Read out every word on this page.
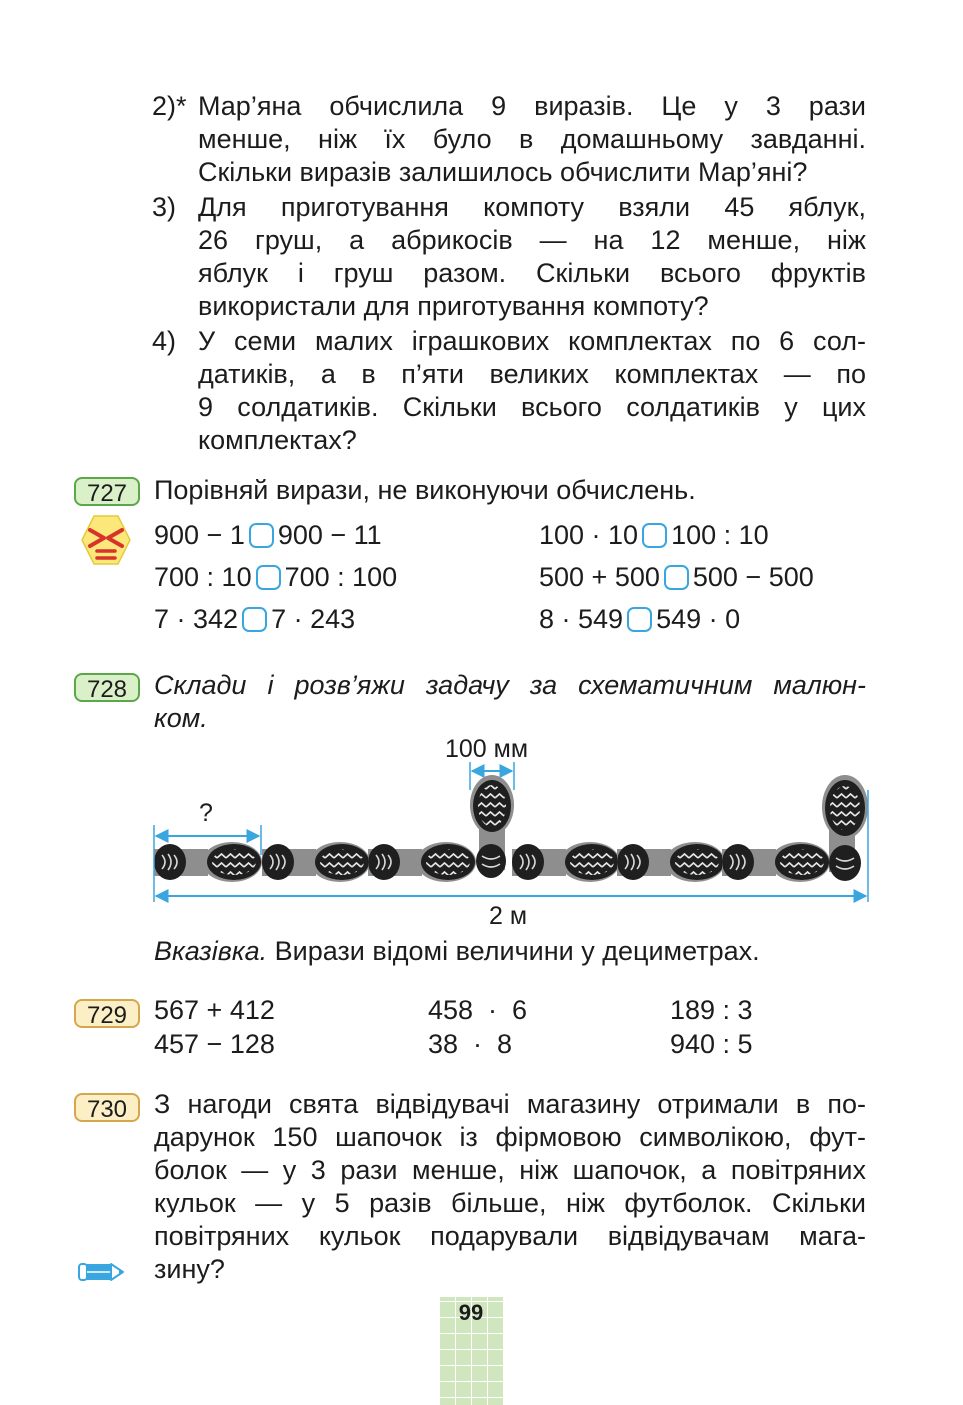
2)* Мар’яна обчислила 9 виразів. Це у 3 рази
менше, ніж їх було в домашньому завданні.
Скільки виразів залишилось обчислити Мар’яні?
3) Для приготування компоту взяли 45 яблук,
26 груш, а абрикосів — на 12 менше, ніж
яблук і груш разом. Скільки всього фруктів
використали для приготування компоту?
4) У семи малих іграшкових комплектах по 6 сол-
датиків, а в п’яти великих комплектах — по
9 солдатиків. Скільки всього солдатиків у цих
комплектах?
727 Порівняй вирази, не виконуючи обчислень.
900 − 1 900 − 11	100 · 10 100 : 10
700 : 10 700 : 100	500 + 500 500 − 500
7 · 342 7 · 243	8 · 549 549 · 0
728 Склади і розв’яжи задачу за схематичним малюн-
ком.
100 мм
?
2 м
Вказівка. Вирази відомі величини у дециметрах.
729 567 + 412	458  ·  6	189 : 3
457 − 128	38  ·  8	940 : 5
730 З нагоди свята відвідувачі магазину отримали в по-
дарунок 150 шапочок із фірмовою символікою, фут-
болок — у 3 рази менше, ніж шапочок, а повітряних
кульок — у 5 разів більше, ніж футболок. Скільки
повітряних кульок подарували відвідувачам мага-
зину?
99
